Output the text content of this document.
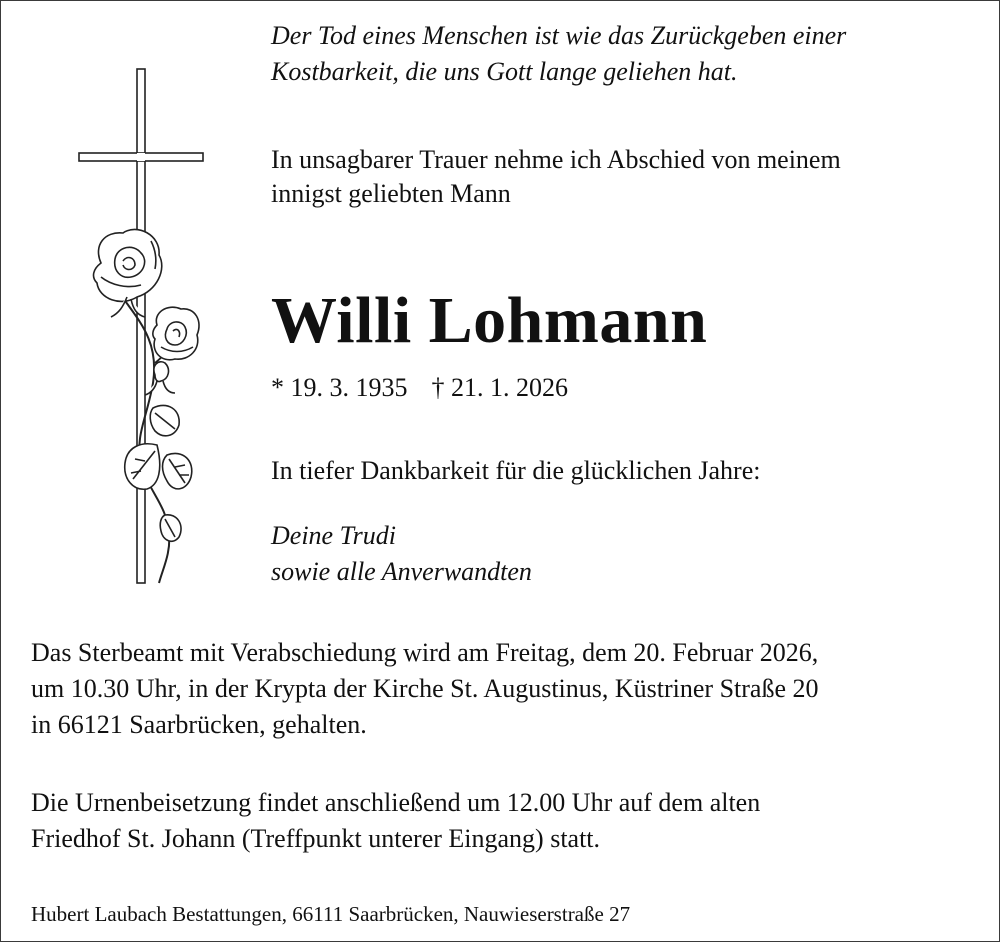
Der Tod eines Menschen ist wie das Zurückgeben einer
Kostbarkeit, die uns Gott lange geliehen hat.
In unsagbarer Trauer nehme ich Abschied von meinem
innigst geliebten Mann
Willi Lohmann
* 19. 3. 1935 † 21. 1. 2026
In tiefer Dankbarkeit für die glücklichen Jahre:
Deine Trudi
sowie alle Anverwandten
Das Sterbeamt mit Verabschiedung wird am Freitag, dem 20. Februar 2026,
um 10.30 Uhr, in der Krypta der Kirche St. Augustinus, Küstriner Straße 20
in 66121 Saarbrücken, gehalten.
Die Urnenbeisetzung findet anschließend um 12.00 Uhr auf dem alten
Friedhof St. Johann (Treffpunkt unterer Eingang) statt.
Hubert Laubach Bestattungen, 66111 Saarbrücken, Nauwieserstraße 27
